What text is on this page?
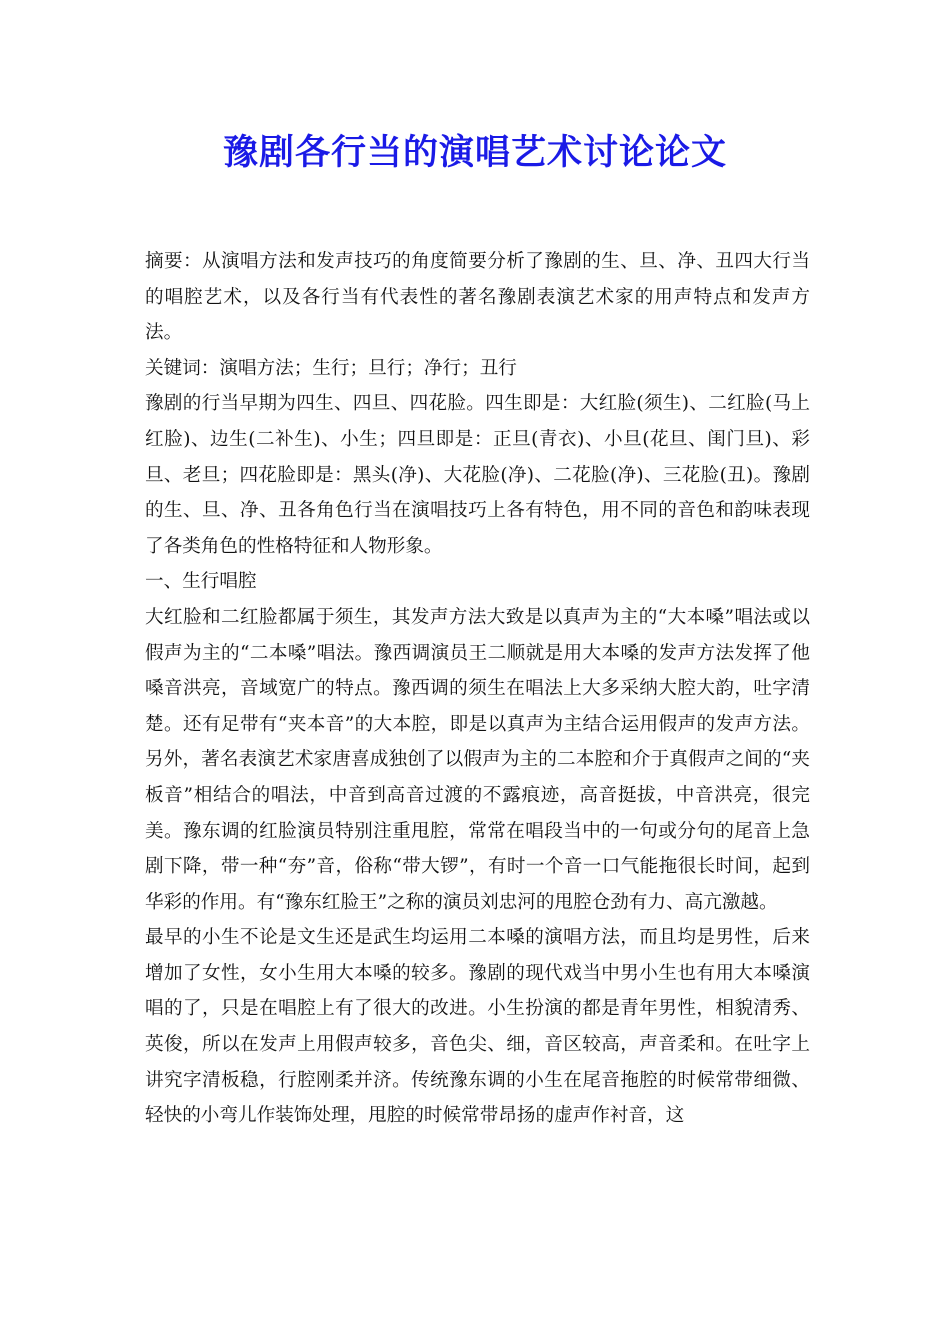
豫剧各行当的演唱艺术讨论论文

摘要：从演唱方法和发声技巧的角度简要分析了豫剧的生、旦、净、丑四大行当的唱腔艺术，以及各行当有代表性的著名豫剧表演艺术家的用声特点和发声方法。

关键词：演唱方法；生行；旦行；净行；丑行

豫剧的行当早期为四生、四旦、四花脸。四生即是：大红脸(须生)、二红脸(马上红脸)、边生(二补生)、小生；四旦即是：正旦(青衣)、小旦(花旦、闺门旦)、彩旦、老旦；四花脸即是：黑头(净)、大花脸(净)、二花脸(净)、三花脸(丑)。豫剧的生、旦、净、丑各角色行当在演唱技巧上各有特色，用不同的音色和韵味表现了各类角色的性格特征和人物形象。

一、生行唱腔

大红脸和二红脸都属于须生，其发声方法大致是以真声为主的“大本嗓”唱法或以假声为主的“二本嗓”唱法。豫西调演员王二顺就是用大本嗓的发声方法发挥了他嗓音洪亮，音域宽广的特点。豫西调的须生在唱法上大多采纳大腔大韵，吐字清楚。还有足带有“夹本音”的大本腔，即是以真声为主结合运用假声的发声方法。另外，著名表演艺术家唐喜成独创了以假声为主的二本腔和介于真假声之间的“夹板音”相结合的唱法，中音到高音过渡的不露痕迹，高音挺拔，中音洪亮，很完美。豫东调的红脸演员特别注重甩腔，常常在唱段当中的一句或分句的尾音上急剧下降，带一种“夯”音，俗称“带大锣”，有时一个音一口气能拖很长时间，起到华彩的作用。有“豫东红脸王”之称的演员刘忠河的甩腔仓劲有力、高亢激越。

最早的小生不论是文生还是武生均运用二本嗓的演唱方法，而且均是男性，后来增加了女性，女小生用大本嗓的较多。豫剧的现代戏当中男小生也有用大本嗓演唱的了，只是在唱腔上有了很大的改进。小生扮演的都是青年男性，相貌清秀、英俊，所以在发声上用假声较多，音色尖、细，音区较高，声音柔和。在吐字上讲究字清板稳，行腔刚柔并济。传统豫东调的小生在尾音拖腔的时候常带细微、轻快的小弯儿作装饰处理，甩腔的时候常带昂扬的虚声作衬音，这
